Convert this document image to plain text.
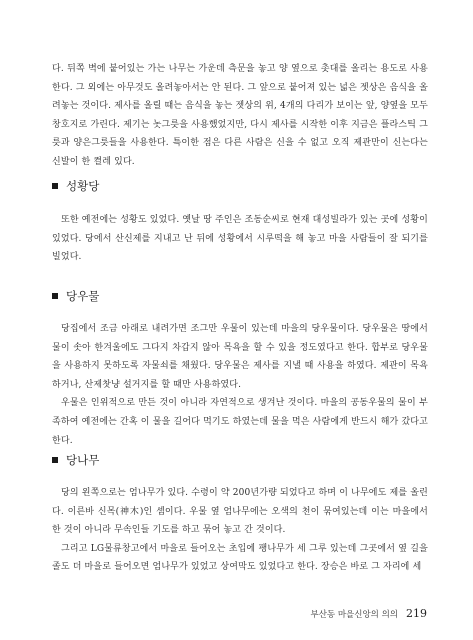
다. 뒤쪽 벽에 붙어있는 가는 나무는 가운데 측문을 놓고 양 옆으로 촛대를 올리는 용도로 사용한다. 그 외에는 아무것도 올려놓아서는 안 된다. 그 앞으로 붙어져 있는 넓은 젯상은 음식을 올려놓는 것이다. 제사를 올릴 때는 음식을 놓는 젯상의 위, 4개의 다리가 보이는 앞, 양옆을 모두 창호지로 가린다. 제기는 놋그릇을 사용했었지만, 다시 제사를 시작한 이후 지금은 플라스틱 그릇과 양은그릇들을 사용한다. 특이한 점은 다른 사람은 신을 수 없고 오직 제관만이 신는다는 신발이 한 켤레 있다.

성황당

또한 예전에는 성황도 있었다. 옛날 땅 주인은 조동순씨로 현재 대성빌라가 있는 곳에 성황이 있었다. 당에서 산신제를 지내고 난 뒤에 성황에서 시루떡을 해 놓고 마을 사람들이 잘 되기를 빌었다.

당우물

당집에서 조금 아래로 내려가면 조그만 우물이 있는데 마을의 당우물이다. 당우물은 땅에서 물이 솟아 한겨울에도 그다지 차갑지 않아 목욕을 할 수 있을 정도였다고 한다. 합부로 당우물을 사용하지 못하도록 자물쇠를 채웠다. 당우물은 제사를 지낼 때 사용을 하였다. 제관이 목욕하거나, 산제찻냥 설거지를 할 때만 사용하였다.

우물은 인위적으로 만든 것이 아니라 자연적으로 생겨난 것이다. 마을의 공동우물의 물이 부족하여 예전에는 간혹 이 물을 길어다 먹기도 하였는데 물을 먹은 사람에게 반드시 해가 갔다고 한다.

당나무

당의 왼쪽으로는 엄나무가 있다. 수령이 약 200년가량 되었다고 하며 이 나무에도 제를 올린다. 이른바 신목(神木)인 셈이다. 우물 옆 엄나무에는 오색의 천이 묶여있는데 이는 마을에서 한 것이 아니라 무속인들 기도를 하고 묶어 놓고 간 것이다.

그리고 LG물류창고에서 마을로 들어오는 초입에 팽나무가 세 그루 있는데 그곳에서 옆 길을 졸도 더 마을로 들어오면 엄나무가 있었고 상여막도 있었다고 한다. 장승은 바로 그 자리에 세

부산동 마을신앙의 의의 219
